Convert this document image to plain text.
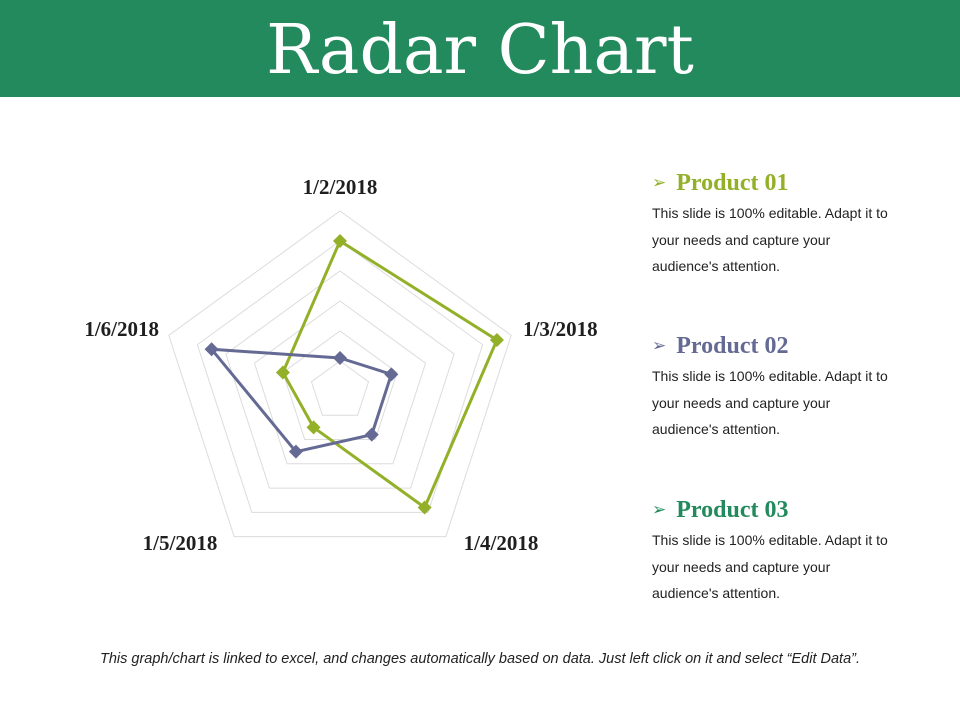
Radar Chart
1/2/2018
1/3/2018
1/4/2018
1/5/2018
1/6/2018
➢ Product 01
This slide is 100% editable. Adapt it to your needs and capture your audience's attention.
➢ Product 02
This slide is 100% editable. Adapt it to your needs and capture your audience's attention.
➢ Product 03
This slide is 100% editable. Adapt it to your needs and capture your audience's attention.
This graph/chart is linked to excel, and changes automatically based on data. Just left click on it and select “Edit Data”.
